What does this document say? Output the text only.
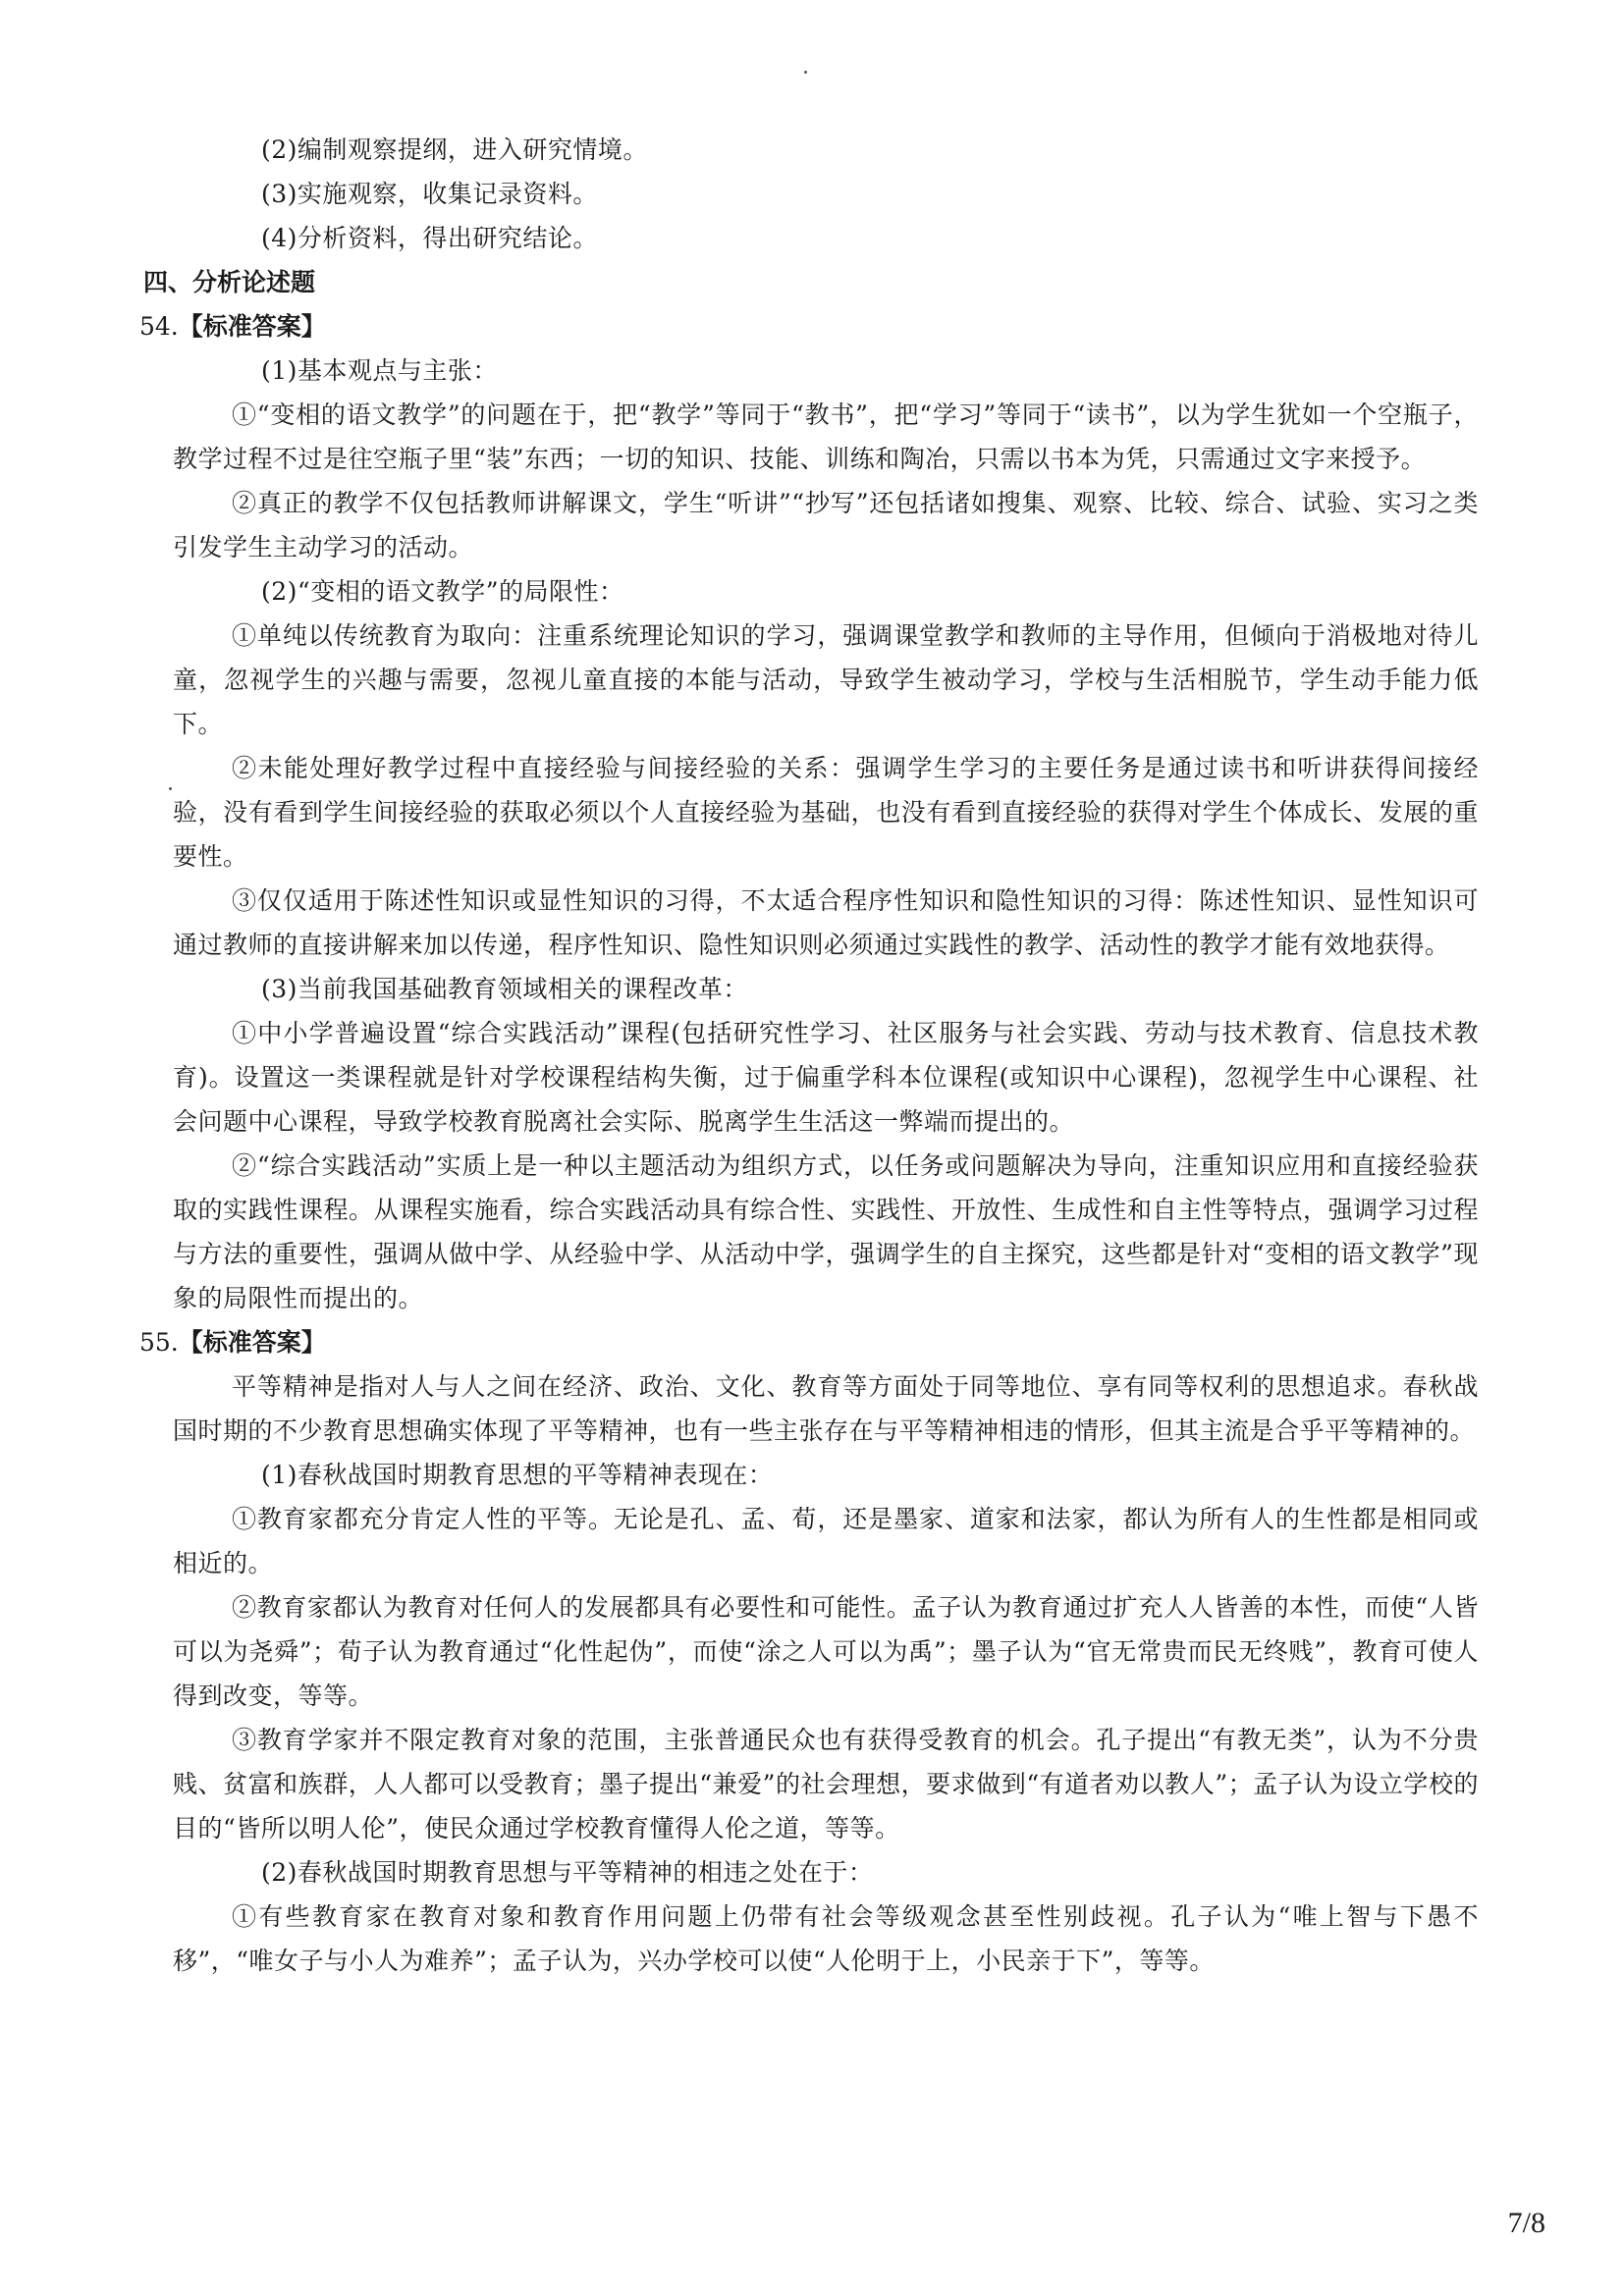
(2)编制观察提纲，进入研究情境。
(3)实施观察，收集记录资料。
(4)分析资料，得出研究结论。
四、分析论述题
54.【标准答案】
(1)基本观点与主张：
①“变相的语文教学”的问题在于，把“教学”等同于“教书”，把“学习”等同于“读书”，以为学生犹如一个空瓶子，教学过程不过是往空瓶子里“装”东西；一切的知识、技能、训练和陶冶，只需以书本为凭，只需通过文字来授予。
②真正的教学不仅包括教师讲解课文，学生“听讲”“抄写”还包括诸如搜集、观察、比较、综合、试验、实习之类引发学生主动学习的活动。
(2)“变相的语文教学”的局限性：
①单纯以传统教育为取向：注重系统理论知识的学习，强调课堂教学和教师的主导作用，但倾向于消极地对待儿童，忽视学生的兴趣与需要，忽视儿童直接的本能与活动，导致学生被动学习，学校与生活相脱节，学生动手能力低下。
②未能处理好教学过程中直接经验与间接经验的关系：强调学生学习的主要任务是通过读书和听讲获得间接经验，没有看到学生间接经验的获取必须以个人直接经验为基础，也没有看到直接经验的获得对学生个体成长、发展的重要性。
③仅仅适用于陈述性知识或显性知识的习得，不太适合程序性知识和隐性知识的习得：陈述性知识、显性知识可通过教师的直接讲解来加以传递，程序性知识、隐性知识则必须通过实践性的教学、活动性的教学才能有效地获得。
(3)当前我国基础教育领域相关的课程改革：
①中小学普遍设置“综合实践活动”课程(包括研究性学习、社区服务与社会实践、劳动与技术教育、信息技术教育)。设置这一类课程就是针对学校课程结构失衡，过于偏重学科本位课程(或知识中心课程)，忽视学生中心课程、社会问题中心课程，导致学校教育脱离社会实际、脱离学生生活这一弊端而提出的。
②“综合实践活动”实质上是一种以主题活动为组织方式，以任务或问题解决为导向，注重知识应用和直接经验获取的实践性课程。从课程实施看，综合实践活动具有综合性、实践性、开放性、生成性和自主性等特点，强调学习过程与方法的重要性，强调从做中学、从经验中学、从活动中学，强调学生的自主探究，这些都是针对“变相的语文教学”现象的局限性而提出的。
55.【标准答案】
平等精神是指对人与人之间在经济、政治、文化、教育等方面处于同等地位、享有同等权利的思想追求。春秋战国时期的不少教育思想确实体现了平等精神，也有一些主张存在与平等精神相违的情形，但其主流是合乎平等精神的。
(1)春秋战国时期教育思想的平等精神表现在：
①教育家都充分肯定人性的平等。无论是孔、孟、荀，还是墨家、道家和法家，都认为所有人的生性都是相同或相近的。
②教育家都认为教育对任何人的发展都具有必要性和可能性。孟子认为教育通过扩充人人皆善的本性，而使“人皆可以为尧舜”；荀子认为教育通过“化性起伪”，而使“涂之人可以为禹”；墨子认为“官无常贵而民无终贱”，教育可使人得到改变，等等。
③教育学家并不限定教育对象的范围，主张普通民众也有获得受教育的机会。孔子提出“有教无类”，认为不分贵贱、贫富和族群，人人都可以受教育；墨子提出“兼爱”的社会理想，要求做到“有道者劝以教人”；孟子认为设立学校的目的“皆所以明人伦”，使民众通过学校教育懂得人伦之道，等等。
(2)春秋战国时期教育思想与平等精神的相违之处在于：
①有些教育家在教育对象和教育作用问题上仍带有社会等级观念甚至性别歧视。孔子认为“唯上智与下愚不移”，“唯女子与小人为难养”；孟子认为，兴办学校可以使“人伦明于上，小民亲于下”，等等。
7/8
